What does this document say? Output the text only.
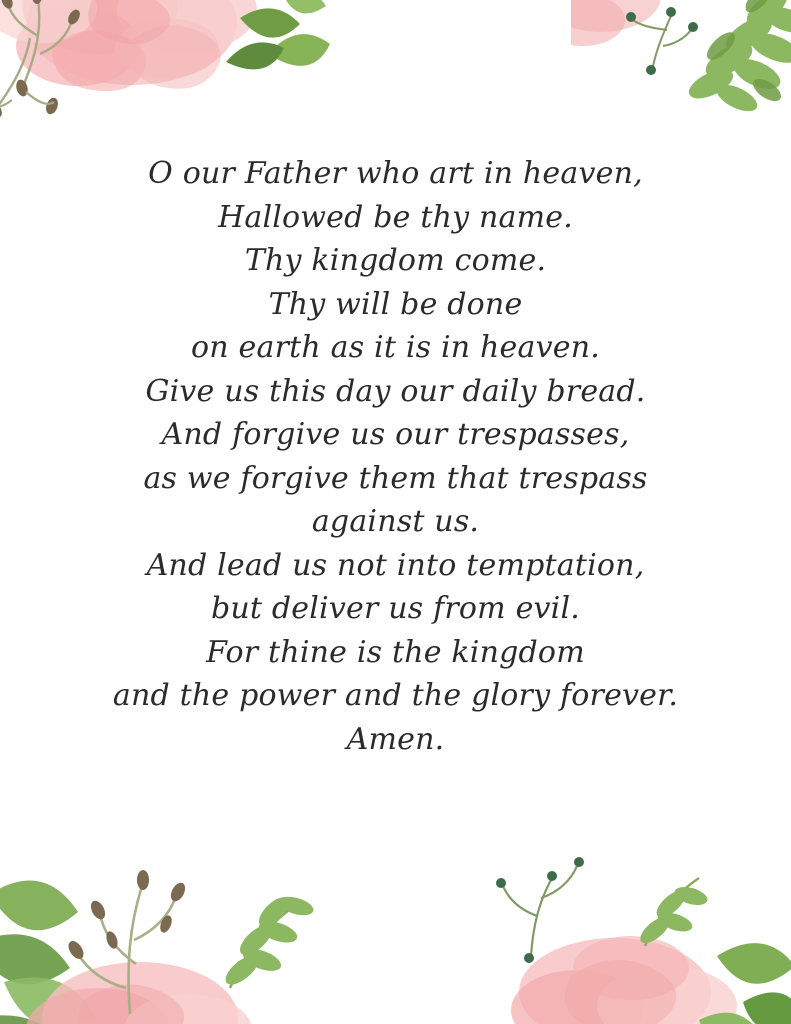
O our Father who art in heaven,
Hallowed be thy name.
Thy kingdom come.
Thy will be done
on earth as it is in heaven.
Give us this day our daily bread.
And forgive us our trespasses,
as we forgive them that trespass
against us.
And lead us not into temptation,
but deliver us from evil.
For thine is the kingdom
and the power and the glory forever.
Amen.
